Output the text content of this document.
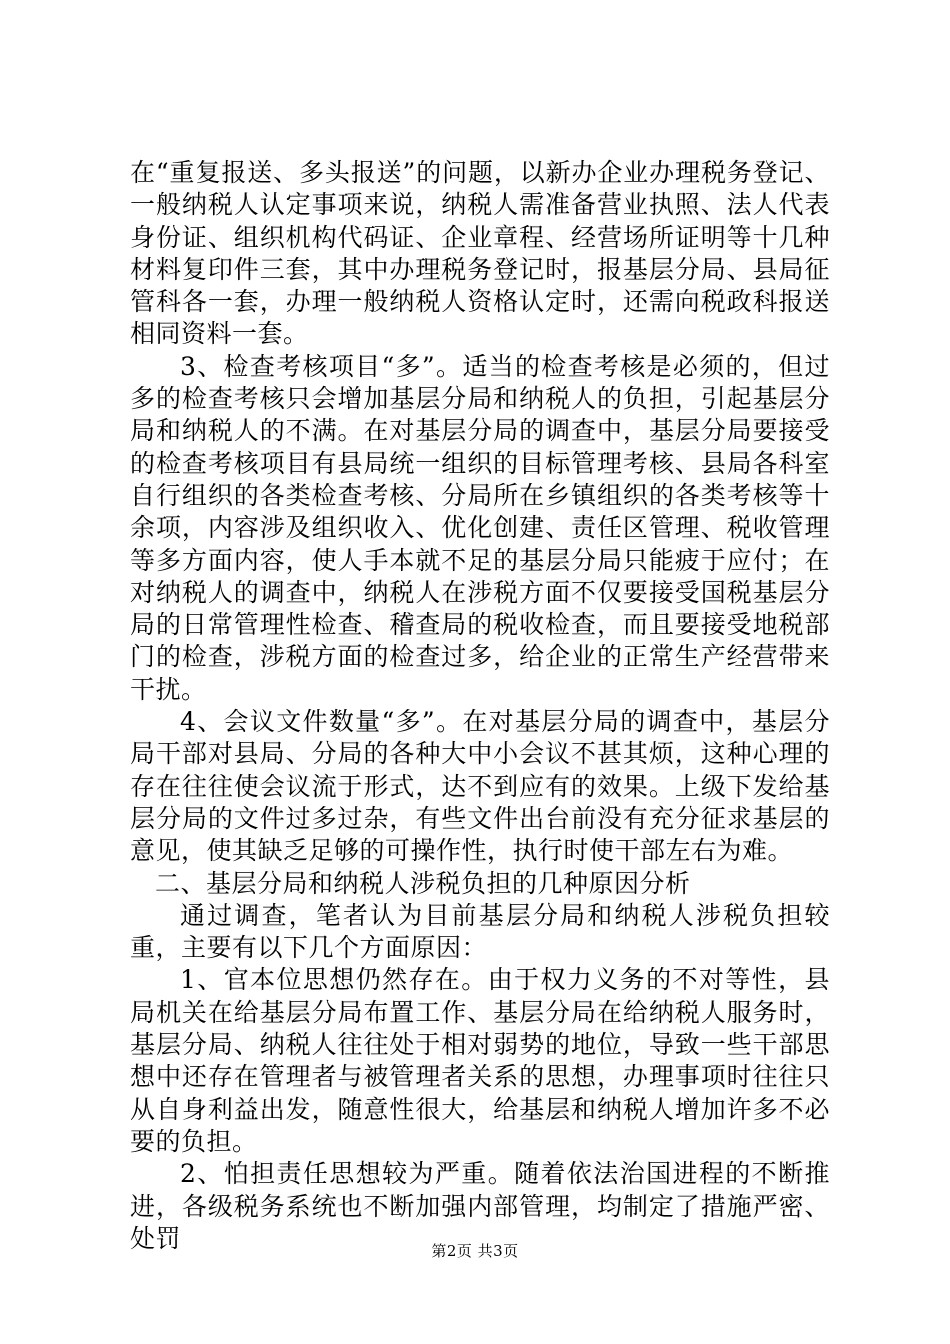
在“重复报送、多头报送”的问题，以新办企业办理税务登记、一般纳税人认定事项来说，纳税人需准备营业执照、法人代表身份证、组织机构代码证、企业章程、经营场所证明等十几种材料复印件三套，其中办理税务登记时，报基层分局、县局征管科各一套，办理一般纳税人资格认定时，还需向税政科报送相同资料一套。

3、检查考核项目“多”。适当的检查考核是必须的，但过多的检查考核只会增加基层分局和纳税人的负担，引起基层分局和纳税人的不满。在对基层分局的调查中，基层分局要接受的检查考核项目有县局统一组织的目标管理考核、县局各科室自行组织的各类检查考核、分局所在乡镇组织的各类考核等十余项，内容涉及组织收入、优化创建、责任区管理、税收管理等多方面内容，使人手本就不足的基层分局只能疲于应付；在对纳税人的调查中，纳税人在涉税方面不仅要接受国税基层分局的日常管理性检查、稽查局的税收检查，而且要接受地税部门的检查，涉税方面的检查过多，给企业的正常生产经营带来干扰。

4、会议文件数量“多”。在对基层分局的调查中，基层分局干部对县局、分局的各种大中小会议不甚其烦，这种心理的存在往往使会议流于形式，达不到应有的效果。上级下发给基层分局的文件过多过杂，有些文件出台前没有充分征求基层的意见，使其缺乏足够的可操作性，执行时使干部左右为难。

二、基层分局和纳税人涉税负担的几种原因分析

通过调查，笔者认为目前基层分局和纳税人涉税负担较重，主要有以下几个方面原因：

1、官本位思想仍然存在。由于权力义务的不对等性，县局机关在给基层分局布置工作、基层分局在给纳税人服务时，基层分局、纳税人往往处于相对弱势的地位，导致一些干部思想中还存在管理者与被管理者关系的思想，办理事项时往往只从自身利益出发，随意性很大，给基层和纳税人增加许多不必要的负担。

2、怕担责任思想较为严重。随着依法治国进程的不断推进，各级税务系统也不断加强内部管理，均制定了措施严密、处罚	第2页 共3页
